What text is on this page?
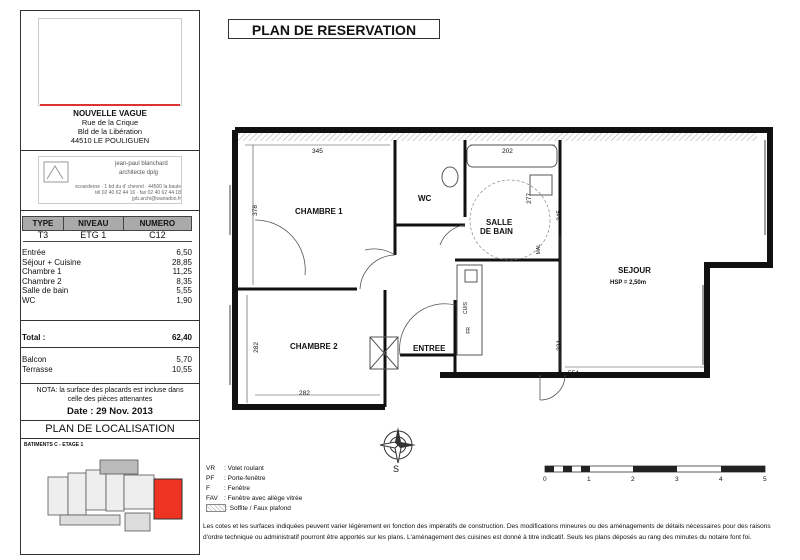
NOUVELLE VAGUE
Rue de la Crique
Bld de la Libération
44510 LE POULIGUEN
jean-paul blanchard
architecte dplg
scoarderoe · 1 bd du d' chevrel · 44500 la baule
tél 02 40 62 44 16 · fax 02 40 62 44 18
jpb.archi@wanadoo.fr
TYPE	NIVEAU	NUMERO
T3	ETG 1	C12
Entrée	6,50
Séjour + Cuisine	28,85
Chambre 1	11,25
Chambre 2	8,35
Salle de bain	5,55
WC	1,90
Total :	62,40
Balcon	5,70
Terrasse	10,55
NOTA: la surface des placards est incluse dans celle des pièces attenantes
Date : 29 Nov. 2013
PLAN DE LOCALISATION
BATIMENTS C - ETAGE 1
PLAN DE RESERVATION
CHAMBRE 1
CHAMBRE 2
WC
SALLE
DE BAIN
ENTREE
SEJOUR
HSP = 2,50m
CUIS
FR
MAL
345	202
378
277
245
282
282
231
554
S
VR : Volet roulant
PF : Porte-fenêtre
F : Fenêtre
FAV : Fenêtre avec allège vitrée
: Soffite / Faux plafond
0	1	2	3	4	5
Les cotes et les surfaces indiquées peuvent varier légèrement en fonction des impératifs de construction. Des modifications mineures ou des aménagements de détails nécessaires pour des raisons d'ordre technique ou administratif pourront être apportés sur les plans. L'aménagement des cuisines est donné à titre indicatif. Seuls les plans déposés au rang des minutes du notaire font foi.
